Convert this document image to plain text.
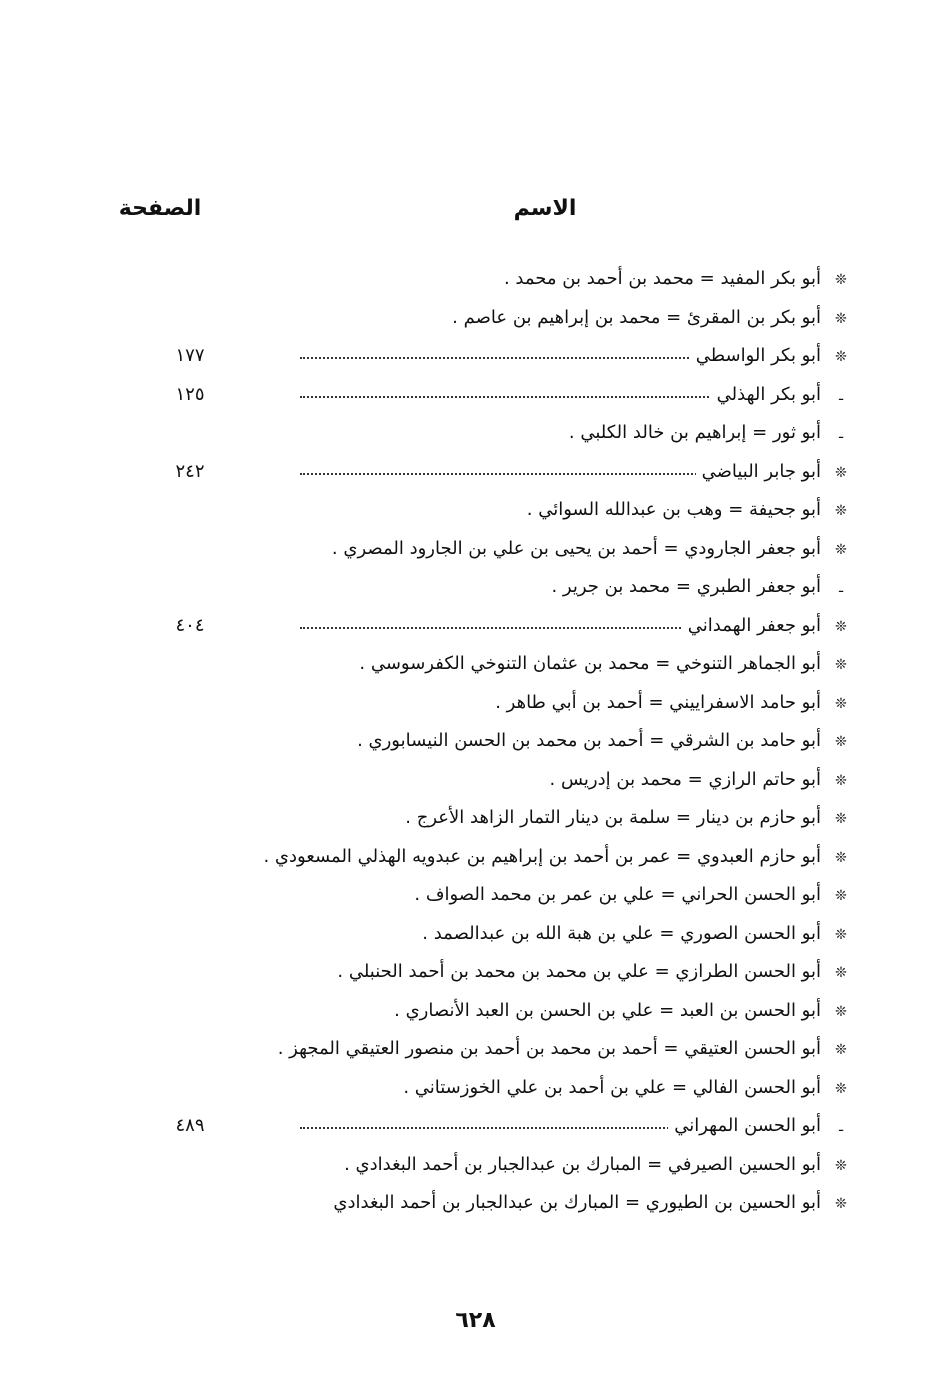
الاسم
الصفحة
❊
أبو بكر المفيد = محمد بن أحمد بن محمد .
❊
أبو بكر بن المقرئ = محمد بن إبراهيم بن عاصم .
❊
أبو بكر الواسطي
١٧٧
ـ
أبو بكر الهذلي
١٢٥
ـ
أبو ثور = إبراهيم بن خالد الكلبي .
❊
أبو جابر البياضي
٢٤٢
❊
أبو جحيفة = وهب بن عبدالله السوائي .
❊
أبو جعفر الجارودي = أحمد بن يحيى بن علي بن الجارود المصري .
ـ
أبو جعفر الطبري = محمد بن جرير .
❊
أبو جعفر الهمداني
٤٠٤
❊
أبو الجماهر التنوخي = محمد بن عثمان التنوخي الكفرسوسي .
❊
أبو حامد الاسفراييني = أحمد بن أبي طاهر .
❊
أبو حامد بن الشرقي = أحمد بن محمد بن الحسن النيسابوري .
❊
أبو حاتم الرازي = محمد بن إدريس .
❊
أبو حازم بن دينار = سلمة بن دينار التمار الزاهد الأعرج .
❊
أبو حازم العبدوي = عمر بن أحمد بن إبراهيم بن عبدويه الهذلي المسعودي .
❊
أبو الحسن الحراني = علي بن عمر بن محمد الصواف .
❊
أبو الحسن الصوري = علي بن هبة الله بن عبدالصمد .
❊
أبو الحسن الطرازي = علي بن محمد بن محمد بن أحمد الحنبلي .
❊
أبو الحسن بن العبد = علي بن الحسن بن العبد الأنصاري .
❊
أبو الحسن العتيقي = أحمد بن محمد بن أحمد بن منصور العتيقي المجهز .
❊
أبو الحسن الفالي = علي بن أحمد بن علي الخوزستاني .
ـ
أبو الحسن المهراني
٤٨٩
❊
أبو الحسين الصيرفي = المبارك بن عبدالجبار بن أحمد البغدادي .
❊
أبو الحسين بن الطيوري = المبارك بن عبدالجبار بن أحمد البغدادي
٦٢٨
